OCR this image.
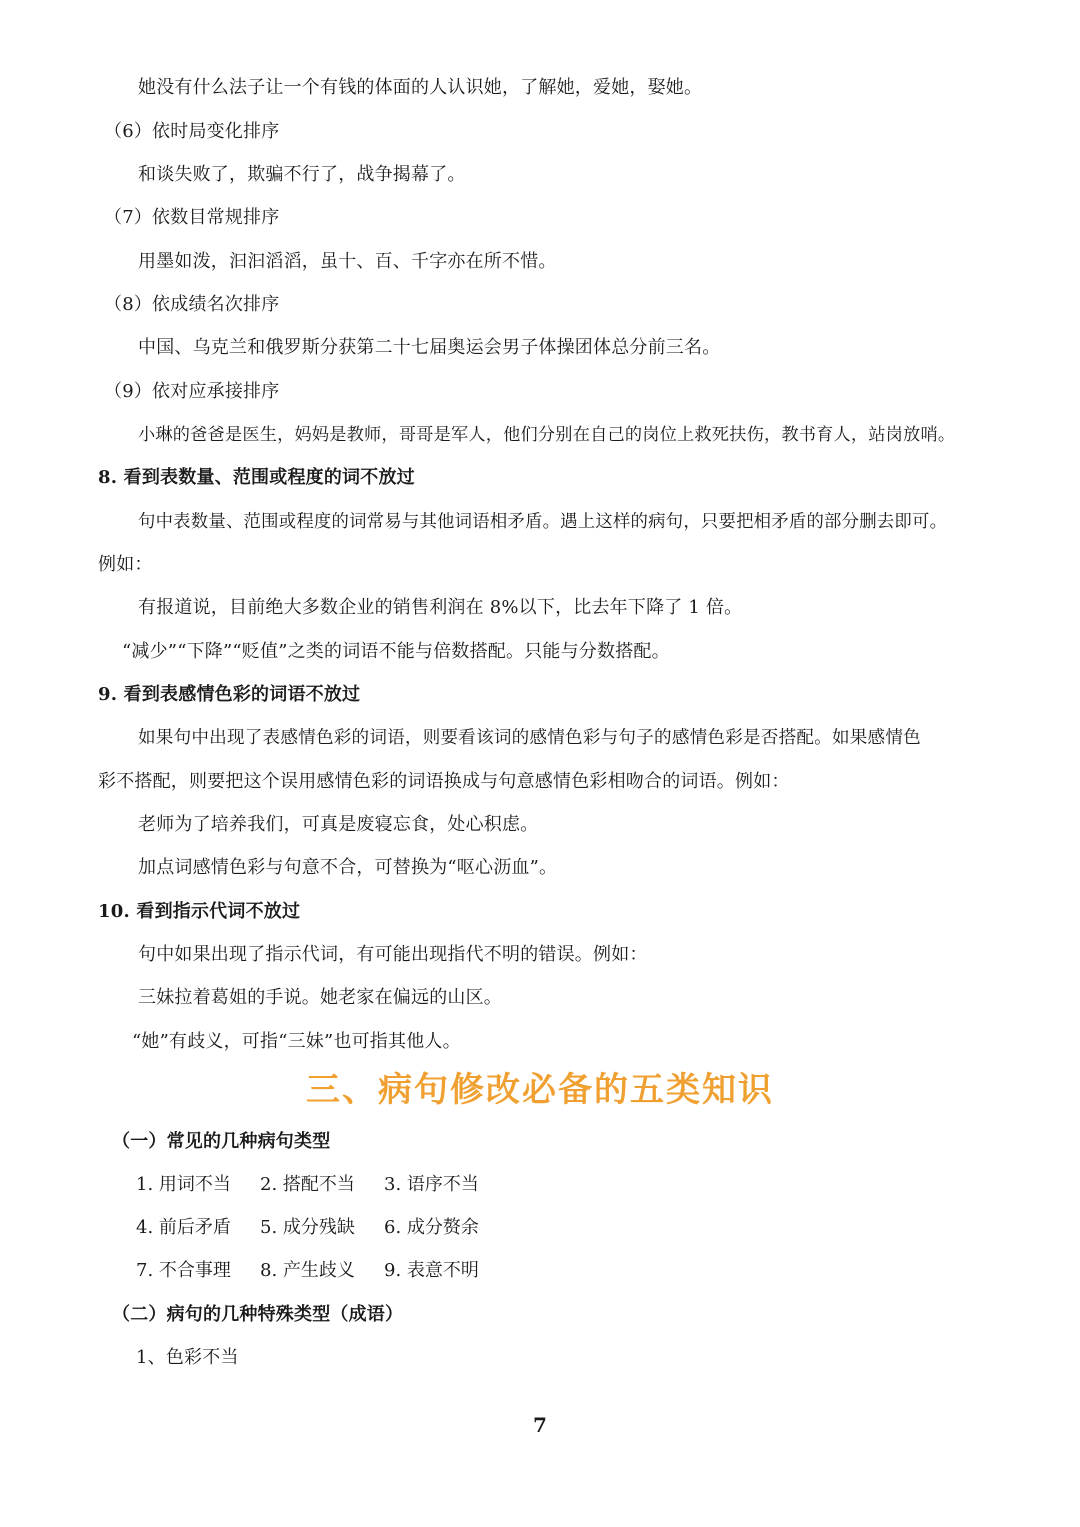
她没有什么法子让一个有钱的体面的人认识她，了解她，爱她，娶她。
（6）依时局变化排序
和谈失败了，欺骗不行了，战争揭幕了。
（7）依数目常规排序
用墨如泼，汩汩滔滔，虽十、百、千字亦在所不惜。
（8）依成绩名次排序
中国、乌克兰和俄罗斯分获第二十七届奥运会男子体操团体总分前三名。
（9）依对应承接排序
小琳的爸爸是医生，妈妈是教师，哥哥是军人，他们分别在自己的岗位上救死扶伤，教书育人，站岗放哨。
8. 看到表数量、范围或程度的词不放过
句中表数量、范围或程度的词常易与其他词语相矛盾。遇上这样的病句，只要把相矛盾的部分删去即可。
例如：
有报道说，目前绝大多数企业的销售利润在 8%以下，比去年下降了 1 倍。
“减少”“下降”“贬值”之类的词语不能与倍数搭配。只能与分数搭配。
9. 看到表感情色彩的词语不放过
如果句中出现了表感情色彩的词语，则要看该词的感情色彩与句子的感情色彩是否搭配。如果感情色
彩不搭配，则要把这个误用感情色彩的词语换成与句意感情色彩相吻合的词语。例如：
老师为了培养我们，可真是废寝忘食，处心积虑。
加点词感情色彩与句意不合，可替换为“呕心沥血”。
10. 看到指示代词不放过
句中如果出现了指示代词，有可能出现指代不明的错误。例如：
三妹拉着葛姐的手说。她老家在偏远的山区。
“她”有歧义，可指“三妹”也可指其他人。
三、病句修改必备的五类知识
（一）常见的几种病句类型
1. 用词不当 2. 搭配不当 3. 语序不当
4. 前后矛盾 5. 成分残缺 6. 成分赘余
7. 不合事理 8. 产生歧义 9. 表意不明
（二）病句的几种特殊类型（成语）
1、色彩不当
7
